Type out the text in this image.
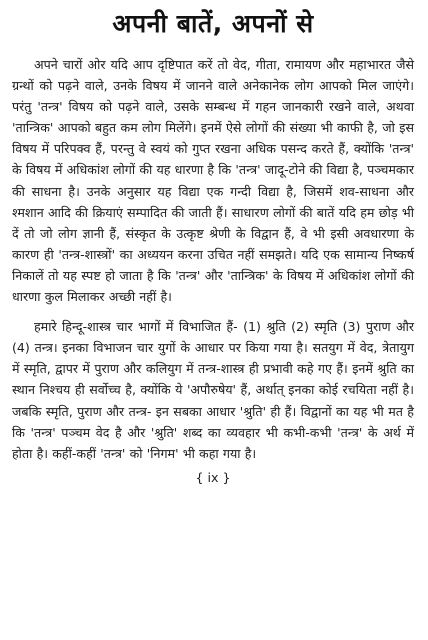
अपनी बातें, अपनों से

अपने चारों ओर यदि आप दृष्टिपात करें तो वेद, गीता, रामायण और महाभारत जैसे ग्रन्थों को पढ़ने वाले, उनके विषय में जानने वाले अनेकानेक लोग आपको मिल जाएंगे। परंतु 'तन्त्र' विषय को पढ़ने वाले, उसके सम्बन्ध में गहन जानकारी रखने वाले, अथवा 'तान्त्रिक' आपको बहुत कम लोग मिलेंगे। इनमें ऐसे लोगों की संख्या भी काफी है, जो इस विषय में परिपक्व हैं, परन्तु वे स्वयं को गुप्त रखना अधिक पसन्द करते हैं, क्योंकि 'तन्त्र' के विषय में अधिकांश लोगों की यह धारणा है कि 'तन्त्र' जादू-टोने की विद्या है, पञ्चमकार की साधना है। उनके अनुसार यह विद्या एक गन्दी विद्या है, जिसमें शव-साधना और श्मशान आदि की क्रियाएं सम्पादित की जाती हैं। साधारण लोगों की बातें यदि हम छोड़ भी दें तो जो लोग ज्ञानी हैं, संस्कृत के उत्कृष्ट श्रेणी के विद्वान हैं, वे भी इसी अवधारणा के कारण ही 'तन्त्र-शास्त्रों' का अध्ययन करना उचित नहीं समझते। यदि एक सामान्य निष्कर्ष निकालें तो यह स्पष्ट हो जाता है कि 'तन्त्र' और 'तान्त्रिक' के विषय में अधिकांश लोगों की धारणा कुल मिलाकर अच्छी नहीं है।

हमारे हिन्दू-शास्त्र चार भागों में विभाजित हैं- (1) श्रुति (2) स्मृति (3) पुराण और (4) तन्त्र। इनका विभाजन चार युगों के आधार पर किया गया है। सतयुग में वेद, त्रेतायुग में स्मृति, द्वापर में पुराण और कलियुग में तन्त्र-शास्त्र ही प्रभावी कहे गए हैं। इनमें श्रुति का स्थान निश्चय ही सर्वोच्च है, क्योंकि ये 'अपौरुषेय' हैं, अर्थात् इनका कोई रचयिता नहीं है। जबकि स्मृति, पुराण और तन्त्र- इन सबका आधार 'श्रुति' ही हैं। विद्वानों का यह भी मत है कि 'तन्त्र' पञ्चम वेद है और 'श्रुति' शब्द का व्यवहार भी कभी-कभी 'तन्त्र' के अर्थ में होता है। कहीं-कहीं 'तन्त्र' को 'निगम' भी कहा गया है।

{ ix }
